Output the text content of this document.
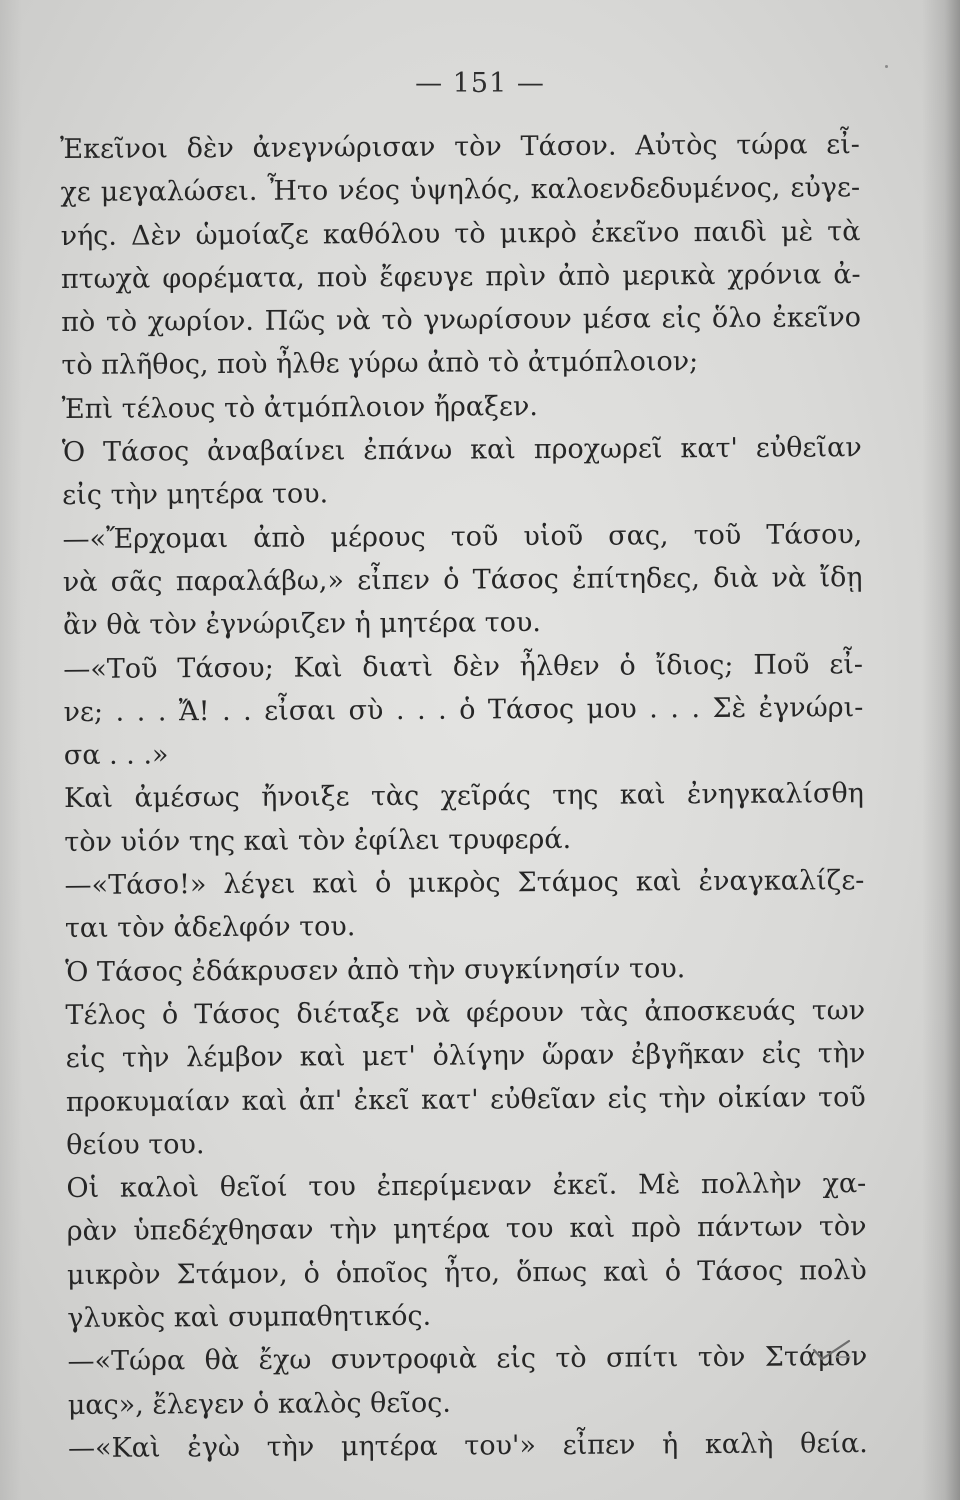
— 151 —
Ἐκεῖνοι δὲν ἀνεγνώρισαν τὸν Τάσον. Αὐτὸς τώρα εἶ-
χε μεγαλώσει. Ἦτο νέος ὑψηλός, καλοενδεδυμένος, εὐγε-
νής. Δὲν ὡμοίαζε καθόλου τὸ μικρὸ ἐκεῖνο παιδὶ μὲ τὰ
πτωχὰ φορέματα, ποὺ ἔφευγε πρὶν ἀπὸ μερικὰ χρόνια ἀ-
πὸ τὸ χωρίον. Πῶς νὰ τὸ γνωρίσουν μέσα εἰς ὅλο ἐκεῖνο
τὸ πλῆθος, ποὺ ἦλθε γύρω ἀπὸ τὸ ἀτμόπλοιον;
Ἐπὶ τέλους τὸ ἀτμόπλοιον ἤραξεν.
Ὁ Τάσος ἀναβαίνει ἐπάνω καὶ προχωρεῖ κατ' εὐθεῖαν
εἰς τὴν μητέρα του.
—«Ἔρχομαι ἀπὸ μέρους τοῦ υἱοῦ σας, τοῦ Τάσου,
νὰ σᾶς παραλάβω,» εἶπεν ὁ Τάσος ἐπίτηδες, διὰ νὰ ἴδῃ
ἂν θὰ τὸν ἐγνώριζεν ἡ μητέρα του.
—«Τοῦ Τάσου; Καὶ διατὶ δὲν ἦλθεν ὁ ἴδιος; Ποῦ εἶ-
νε; . . . Ἄ! . . εἶσαι σὺ . . . ὁ Τάσος μου . . . Σὲ ἐγνώρι-
σα . . .»
Καὶ ἀμέσως ἤνοιξε τὰς χεῖράς της καὶ ἐνηγκαλίσθη
τὸν υἱόν της καὶ τὸν ἐφίλει τρυφερά.
—«Τάσο!» λέγει καὶ ὁ μικρὸς Στάμος καὶ ἐναγκαλίζε-
ται τὸν ἀδελφόν του.
Ὁ Τάσος ἐδάκρυσεν ἀπὸ τὴν συγκίνησίν του.
Τέλος ὁ Τάσος διέταξε νὰ φέρουν τὰς ἀποσκευάς των
εἰς τὴν λέμβον καὶ μετ' ὀλίγην ὥραν ἐβγῆκαν εἰς τὴν
προκυμαίαν καὶ ἀπ' ἐκεῖ κατ' εὐθεῖαν εἰς τὴν οἰκίαν τοῦ
θείου του.
Οἱ καλοὶ θεῖοί του ἐπερίμεναν ἐκεῖ. Μὲ πολλὴν χα-
ρὰν ὑπεδέχθησαν τὴν μητέρα του καὶ πρὸ πάντων τὸν
μικρὸν Στάμον, ὁ ὁποῖος ἦτο, ὅπως καὶ ὁ Τάσος πολὺ
γλυκὸς καὶ συμπαθητικός.
—«Τώρα θὰ ἔχω συντροφιὰ εἰς τὸ σπίτι τὸν Στάμον
μας», ἔλεγεν ὁ καλὸς θεῖος.
—«Καὶ ἐγὼ τὴν μητέρα του'» εἶπεν ἡ καλὴ θεία.
